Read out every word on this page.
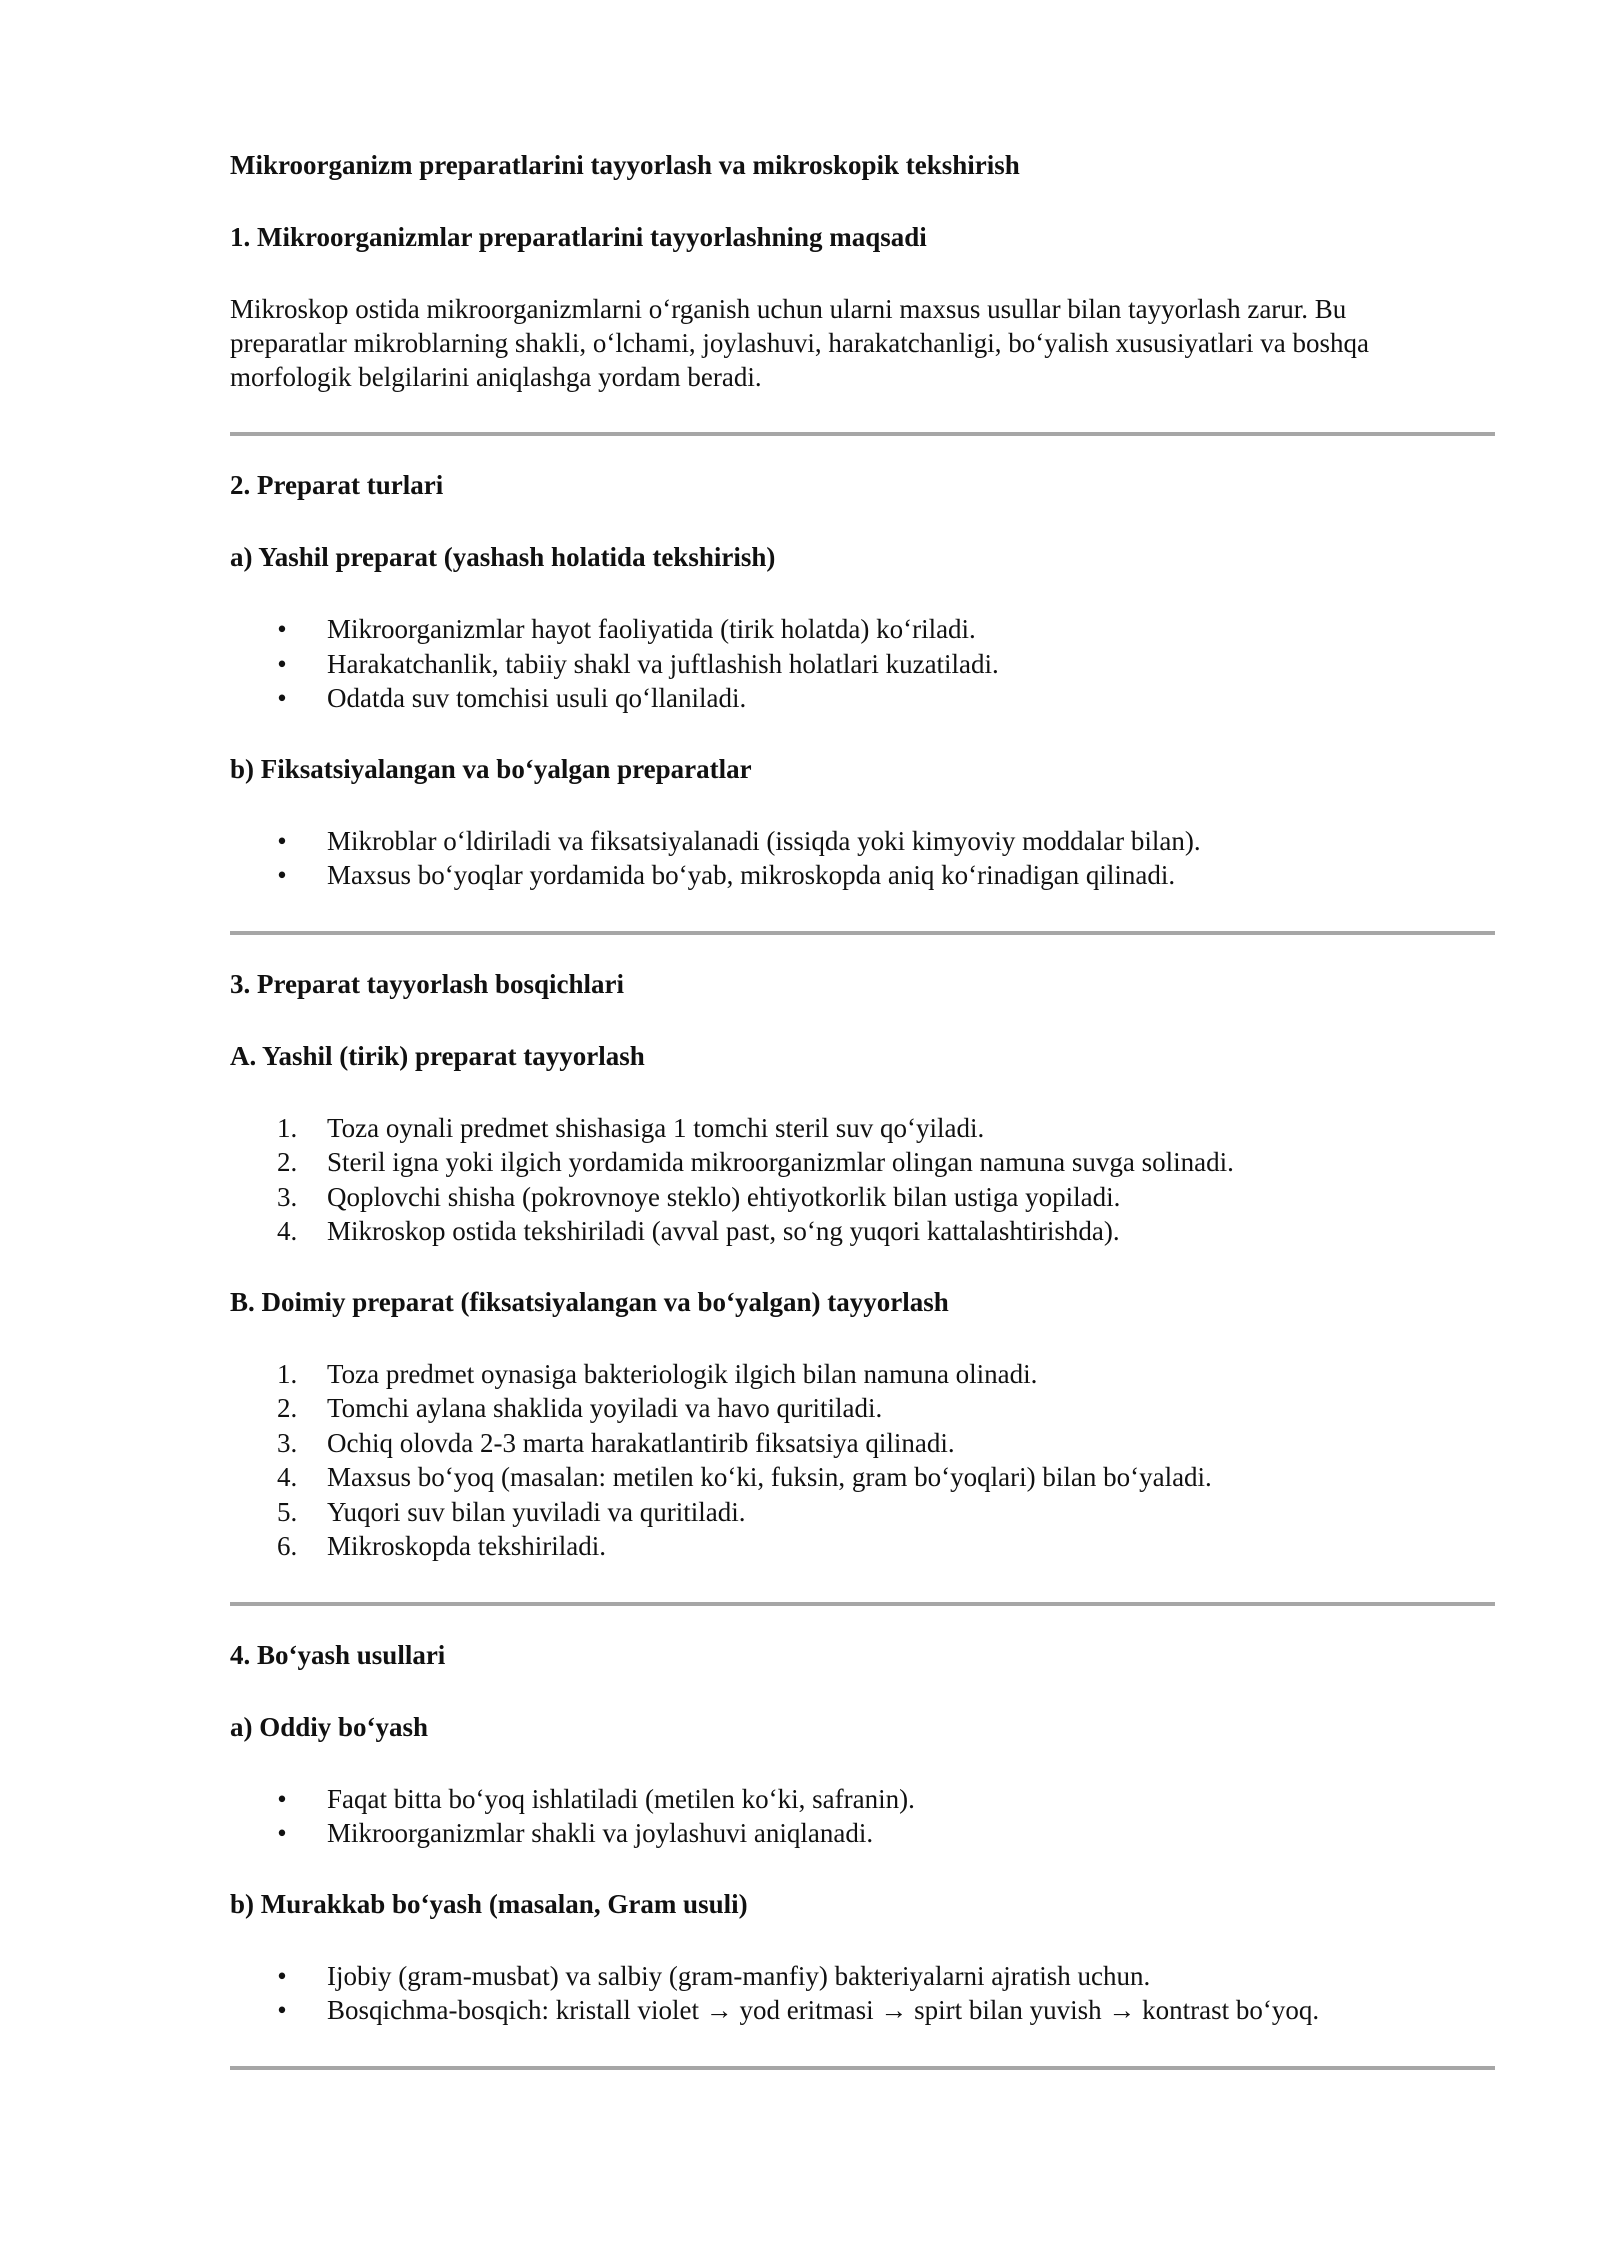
Mikroorganizm preparatlarini tayyorlash va mikroskopik tekshirish

1. Mikroorganizmlar preparatlarini tayyorlashning maqsadi

Mikroskop ostida mikroorganizmlarni o‘rganish uchun ularni maxsus usullar bilan tayyorlash zarur. Bu

preparatlar mikroblarning shakli, o‘lchami, joylashuvi, harakatchanligi, bo‘yalish xususiyatlari va boshqa

morfologik belgilarini aniqlashga yordam beradi.

2. Preparat turlari

a) Yashil preparat (yashash holatida tekshirish)

• Mikroorganizmlar hayot faoliyatida (tirik holatda) ko‘riladi.
• Harakatchanlik, tabiiy shakl va juftlashish holatlari kuzatiladi.
• Odatda suv tomchisi usuli qo‘llaniladi.

b) Fiksatsiyalangan va bo‘yalgan preparatlar

• Mikroblar o‘ldiriladi va fiksatsiyalanadi (issiqda yoki kimyoviy moddalar bilan).
• Maxsus bo‘yoqlar yordamida bo‘yab, mikroskopda aniq ko‘rinadigan qilinadi.

3. Preparat tayyorlash bosqichlari

A. Yashil (tirik) preparat tayyorlash

1.	Toza oynali predmet shishasiga 1 tomchi steril suv qo‘yiladi.
2.	Steril igna yoki ilgich yordamida mikroorganizmlar olingan namuna suvga solinadi.
3.	Qoplovchi shisha (pokrovnoye steklo) ehtiyotkorlik bilan ustiga yopiladi.
4.	Mikroskop ostida tekshiriladi (avval past, so‘ng yuqori kattalashtirishda).

B. Doimiy preparat (fiksatsiyalangan va bo‘yalgan) tayyorlash

1.	Toza predmet oynasiga bakteriologik ilgich bilan namuna olinadi.
2.	Tomchi aylana shaklida yoyiladi va havo quritiladi.
3.	Ochiq olovda 2-3 marta harakatlantirib fiksatsiya qilinadi.
4.	Maxsus bo‘yoq (masalan: metilen ko‘ki, fuksin, gram bo‘yoqlari) bilan bo‘yaladi.
5.	Yuqori suv bilan yuviladi va quritiladi.
6.	Mikroskopda tekshiriladi.

4. Bo‘yash usullari

a) Oddiy bo‘yash

• Faqat bitta bo‘yoq ishlatiladi (metilen ko‘ki, safranin).
• Mikroorganizmlar shakli va joylashuvi aniqlanadi.

b) Murakkab bo‘yash (masalan, Gram usuli)

• Ijobiy (gram-musbat) va salbiy (gram-manfiy) bakteriyalarni ajratish uchun.
• Bosqichma-bosqich: kristall violet → yod eritmasi → spirt bilan yuvish → kontrast bo‘yoq.
